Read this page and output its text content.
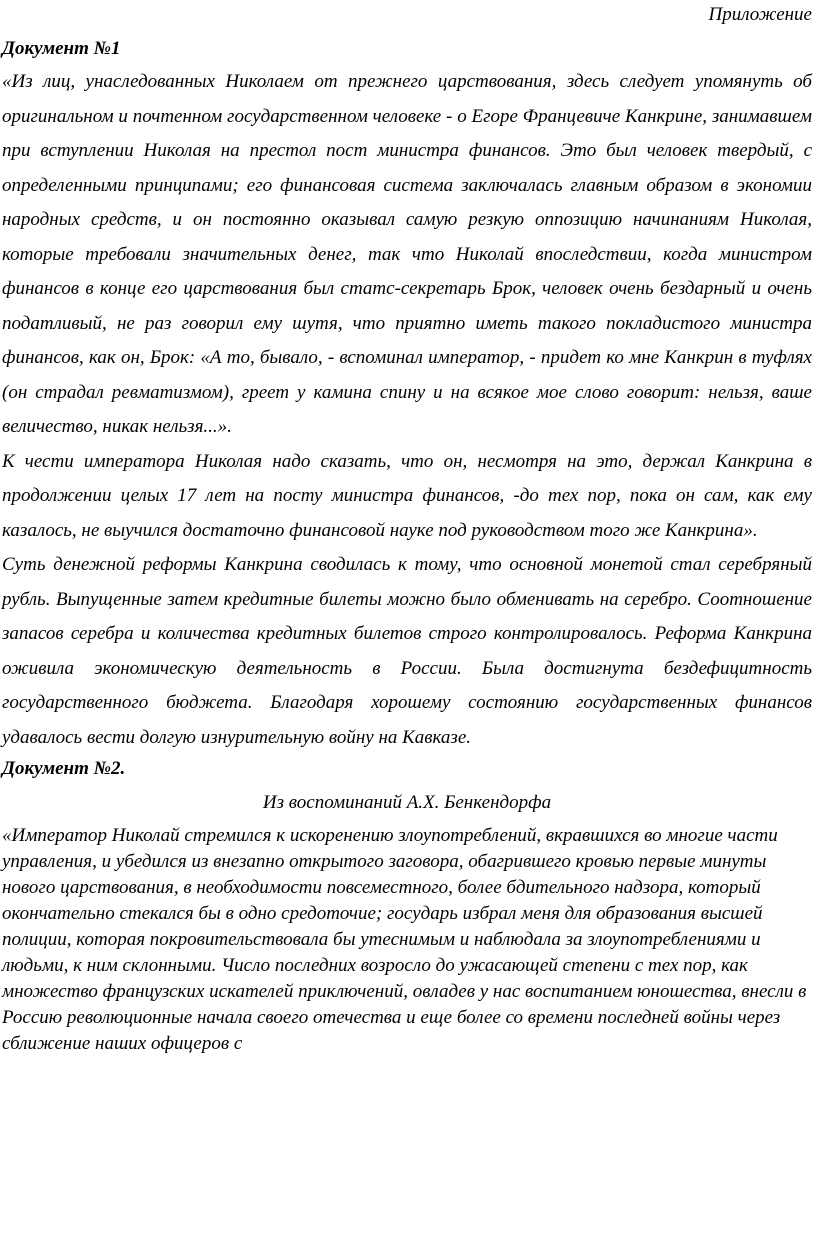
Приложение
Документ №1

«Из лиц, унаследованных Николаем от прежнего царствования, здесь следует упомянуть об оригинальном и почтенном государственном человеке - о Егоре Францевиче Канкрине, занимавшем при вступлении Николая на престол пост министра финансов. Это был человек твердый, с определенными принципами; его финансовая система заключалась главным образом в экономии народных средств, и он постоянно оказывал самую резкую оппозицию начинаниям Николая, которые требовали значительных денег, так что Николай впоследствии, когда министром финансов в конце его царствования был статс-секретарь Брок, человек очень бездарный и очень податливый, не раз говорил ему шутя, что приятно иметь такого покладистого министра финансов, как он, Брок: «А то, бывало, - вспоминал император, - придет ко мне Канкрин в туфлях (он страдал ревматизмом), греет у камина спину и на всякое мое слово говорит: нельзя, ваше величество, никак нельзя...».

К чести императора Николая надо сказать, что он, несмотря на это, держал Канкрина в продолжении целых 17 лет на посту министра финансов, -до тех пор, пока он сам, как ему казалось, не выучился достаточно финансовой науке под руководством того же Канкрина».

Суть денежной реформы Канкрина сводилась к тому, что основной монетой стал серебряный рубль. Выпущенные затем кредитные билеты можно было обменивать на серебро. Соотношение запасов серебра и количества кредитных билетов строго контролировалось. Реформа Канкрина оживила экономическую деятельность в России. Была достигнута бездефицитность государственного бюджета. Благодаря хорошему состоянию государственных финансов удавалось вести долгую изнурительную войну на Кавказе.

Документ №2.
Из воспоминаний А.Х. Бенкендорфа

«Император Николай стремился к искоренению злоупотреблений, вкравшихся во многие части управления, и убедился из внезапно открытого заговора, обагрившего кровью первые минуты нового царствования, в необходимости повсеместного, более бдительного надзора, который окончательно стекался бы в одно средоточие; государь избрал меня для образования высшей полиции, которая покровительствовала бы утеснимым и наблюдала за злоупотреблениями и людьми, к ним склонными. Число последних возросло до ужасающей степени с тех пор, как множество французских искателей приключений, овладев у нас воспитанием юношества, внесли в Россию революционные начала своего отечества и еще более со времени последней войны через сближение наших офицеров с
